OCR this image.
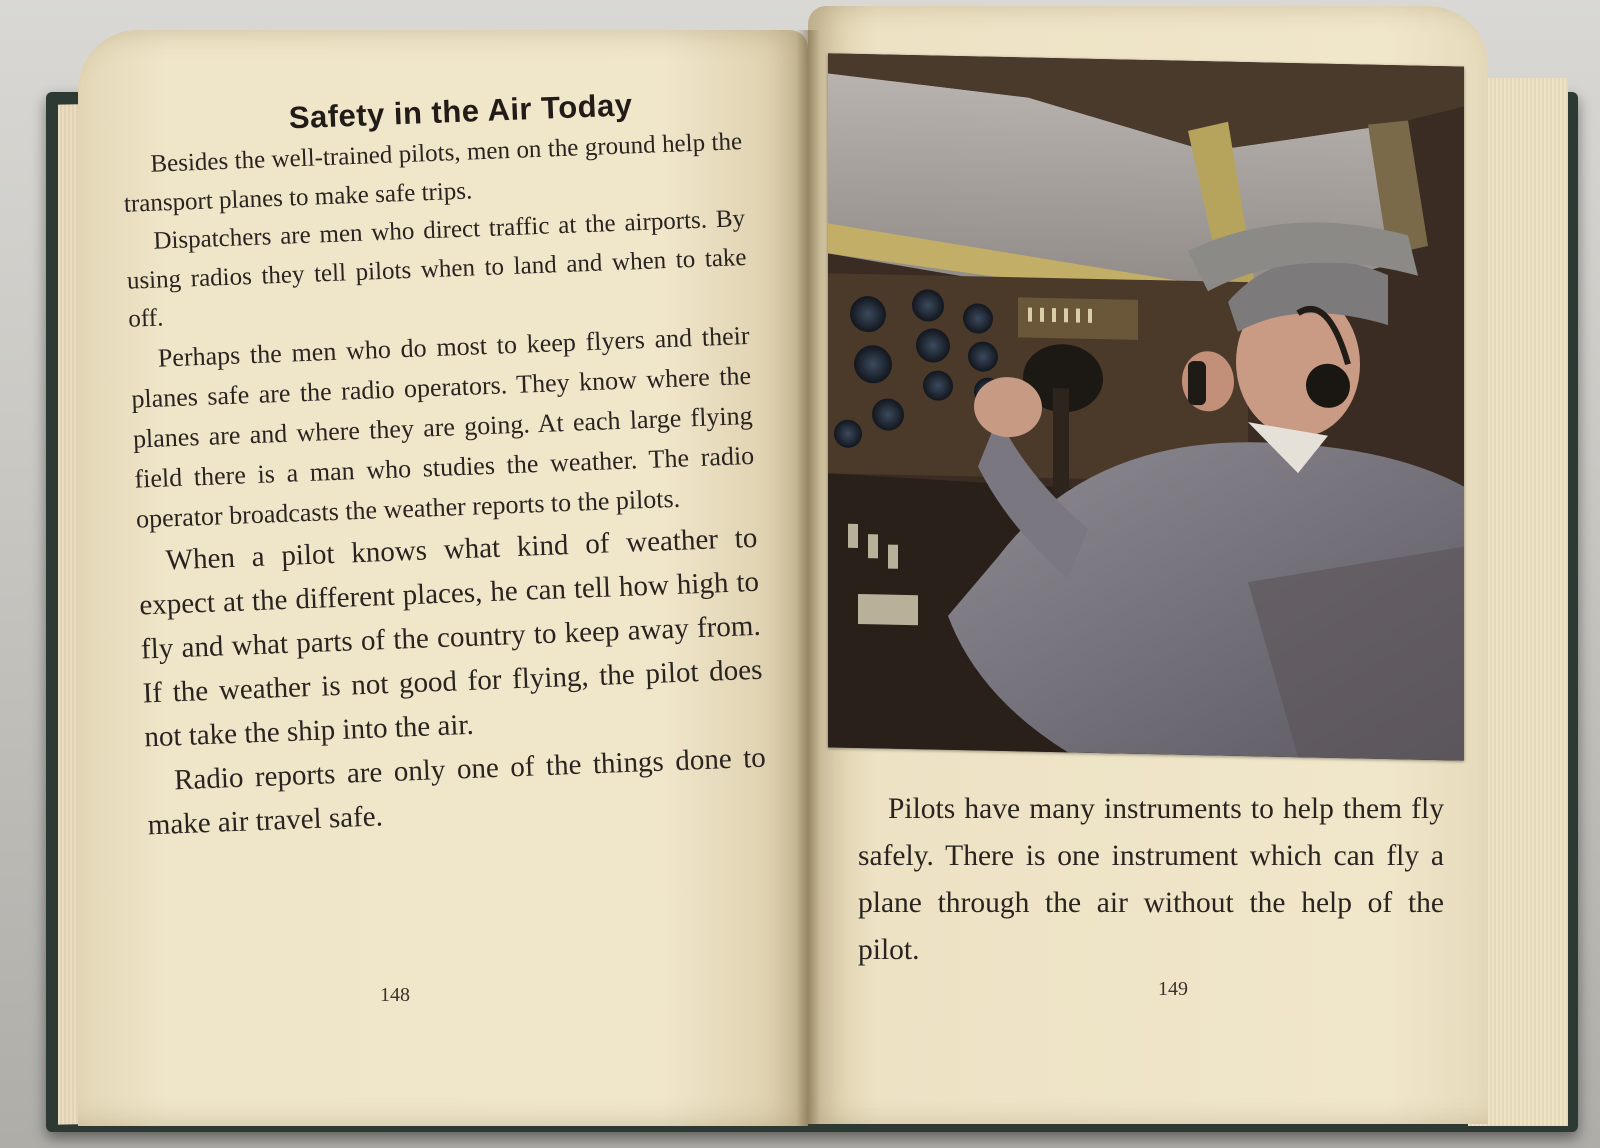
Safety in the Air Today

Besides the well-trained pilots, men on the ground help the transport planes to make safe trips.

Dispatchers are men who direct traffic at the airports. By using radios they tell pilots when to land and when to take off.

Perhaps the men who do most to keep flyers and their planes safe are the radio operators. They know where the planes are and where they are going. At each large flying field there is a man who studies the weather. The radio operator broadcasts the weather reports to the pilots.

When a pilot knows what kind of weather to expect at the different places, he can tell how high to fly and what parts of the country to keep away from. If the weather is not good for flying, the pilot does not take the ship into the air.

Radio reports are only one of the things done to make air travel safe.

148

Pilots have many instruments to help them fly safely. There is one instrument which can fly a plane through the air without the help of the pilot.

149
